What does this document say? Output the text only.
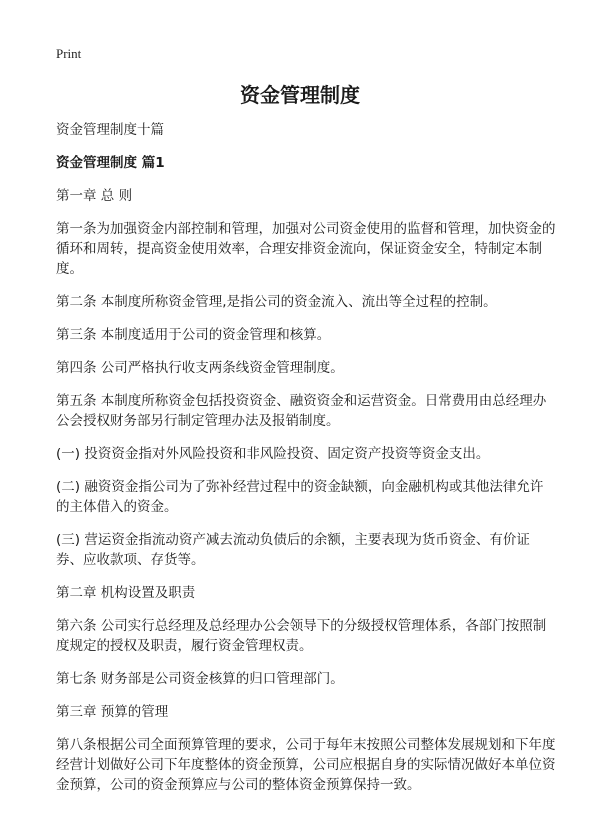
Print
资金管理制度

资金管理制度十篇

资金管理制度 篇1

第一章 总 则

第一条为加强资金内部控制和管理，加强对公司资金使用的监督和管理，加快资金的循环和周转，提高资金使用效率，合理安排资金流向，保证资金安全，特制定本制度。

第二条 本制度所称资金管理,是指公司的资金流入、流出等全过程的控制。

第三条 本制度适用于公司的资金管理和核算。

第四条 公司严格执行收支两条线资金管理制度。

第五条 本制度所称资金包括投资资金、融资资金和运营资金。日常费用由总经理办公会授权财务部另行制定管理办法及报销制度。

(一) 投资资金指对外风险投资和非风险投资、固定资产投资等资金支出。

(二) 融资资金指公司为了弥补经营过程中的资金缺额，向金融机构或其他法律允许的主体借入的资金。

(三) 营运资金指流动资产减去流动负债后的余额，主要表现为货币资金、有价证券、应收款项、存货等。

第二章 机构设置及职责

第六条 公司实行总经理及总经理办公会领导下的分级授权管理体系，各部门按照制度规定的授权及职责，履行资金管理权责。

第七条 财务部是公司资金核算的归口管理部门。

第三章 预算的管理

第八条根据公司全面预算管理的要求，公司于每年末按照公司整体发展规划和下年度经营计划做好公司下年度整体的资金预算，公司应根据自身的实际情况做好本单位资金预算，公司的资金预算应与公司的整体资金预算保持一致。
